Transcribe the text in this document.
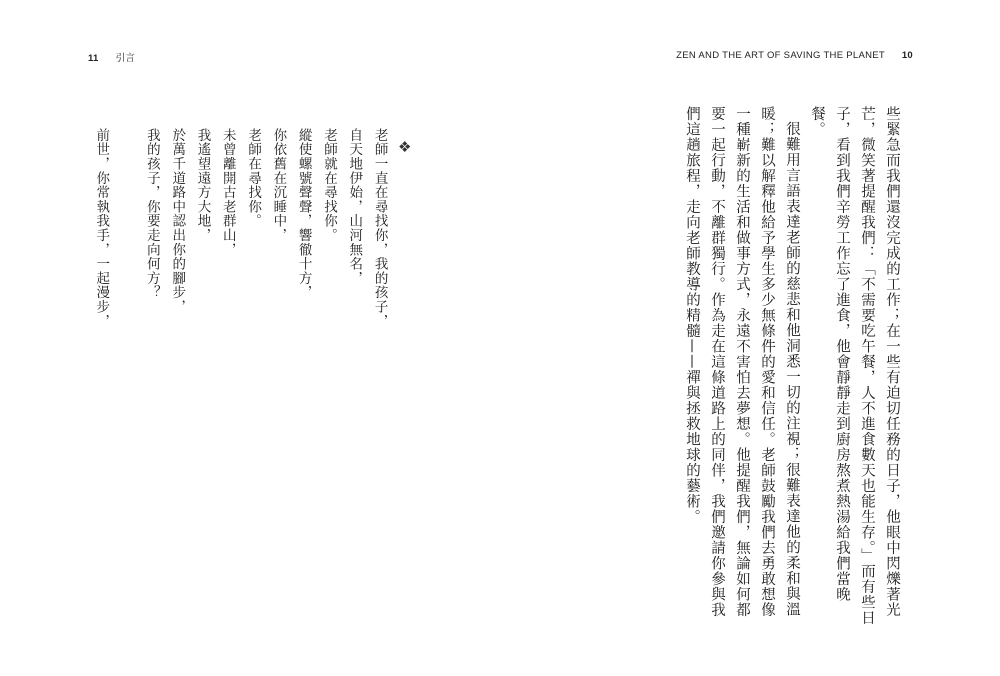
11 引言	ZEN AND THE ART OF SAVING THE PLANET 10

些緊急而我們還沒完成的工作；在一些有迫切任務的日子，他眼中閃爍著光芒，微笑著提醒我們：「不需要吃午餐，人不進食數天也能生存。」而有些日子，看到我們辛勞工作忘了進食，他會靜靜走到廚房熬煮熱湯給我們當晚餐。

很難用言語表達老師的慈悲和他洞悉一切的注視；很難表達他的柔和與溫暖；難以解釋他給予學生多少無條件的愛和信任。老師鼓勵我們去勇敢想像一種嶄新的生活和做事方式，永遠不害怕去夢想。他提醒我們，無論如何都要一起行動，不離群獨行。作為走在這條道路上的同伴，我們邀請你參與我們這趟旅程，走向老師教導的精髓——禪與拯救地球的藝術。

❖
老師一直在尋找你，我的孩子，
自天地伊始，山河無名，
老師就在尋找你。
縱使螺號聲聲，響徹十方，
你依舊在沉睡中，
老師在尋找你。
未曾離開古老群山，
我遙望遠方大地，
於萬千道路中認出你的腳步，
我的孩子，你要走向何方？
前世，你常執我手，一起漫步，
